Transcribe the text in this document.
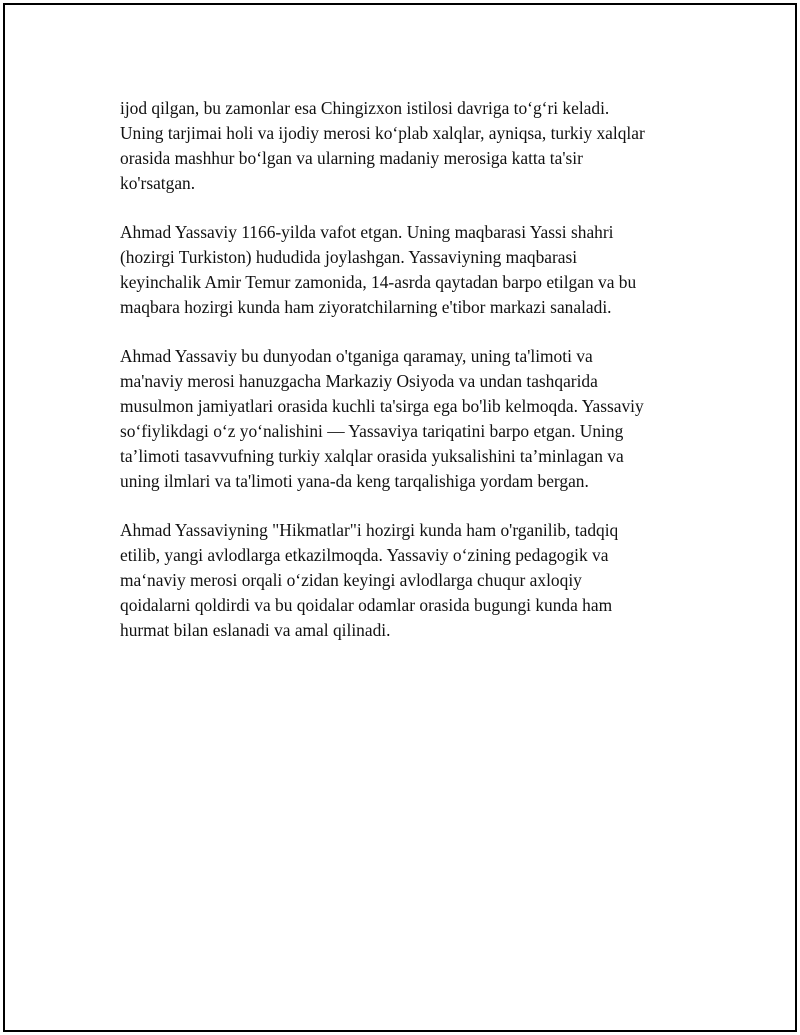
ijod qilgan, bu zamonlar esa Chingizxon istilosi davriga to‘g‘ri keladi.
Uning tarjimai holi va ijodiy merosi ko‘plab xalqlar, ayniqsa, turkiy xalqlar
orasida mashhur bo‘lgan va ularning madaniy merosiga katta ta'sir
ko'rsatgan.

Ahmad Yassaviy 1166-yilda vafot etgan. Uning maqbarasi Yassi shahri
(hozirgi Turkiston) hududida joylashgan. Yassaviyning maqbarasi
keyinchalik Amir Temur zamonida, 14-asrda qaytadan barpo etilgan va bu
maqbara hozirgi kunda ham ziyoratchilarning e'tibor markazi sanaladi.

Ahmad Yassaviy bu dunyodan o'tganiga qaramay, uning ta'limoti va
ma'naviy merosi hanuzgacha Markaziy Osiyoda va undan tashqarida
musulmon jamiyatlari orasida kuchli ta'sirga ega bo'lib kelmoqda. Yassaviy
so‘fiylikdagi o‘z yo‘nalishini — Yassaviya tariqatini barpo etgan. Uning
ta’limoti tasavvufning turkiy xalqlar orasida yuksalishini ta’minlagan va
uning ilmlari va ta'limoti yana-da keng tarqalishiga yordam bergan.

Ahmad Yassaviyning "Hikmatlar"i hozirgi kunda ham o'rganilib, tadqiq
etilib, yangi avlodlarga etkazilmoqda. Yassaviy o‘zining pedagogik va
ma‘naviy merosi orqali o‘zidan keyingi avlodlarga chuqur axloqiy
qoidalarni qoldirdi va bu qoidalar odamlar orasida bugungi kunda ham
hurmat bilan eslanadi va amal qilinadi.
